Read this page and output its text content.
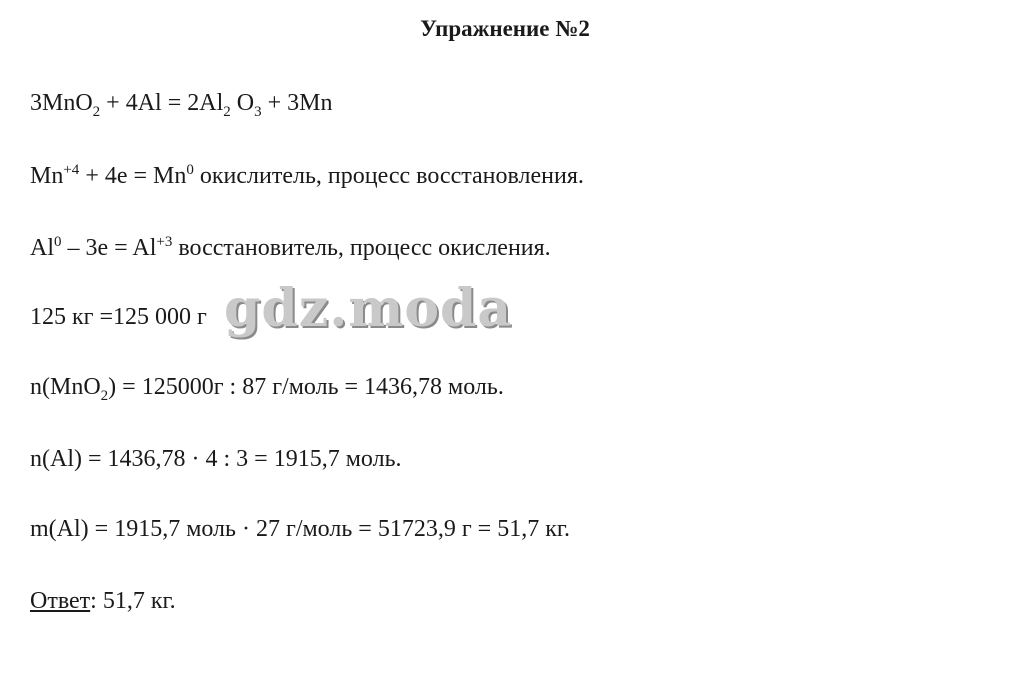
Упражнение №2
$3MnO_2 + 4Al = 2Al_2$ $O_3 + 3Mn$
$Mn^{+4} + 4e = Mn^0$ окислитель, процесс восстановления.
$Al^0 - 3e = Al^{+3}$ восстановитель, процесс окисления.
125 кг =125 000 г
n(MnO$_2$) = 125000г : 87 г/моль = 1436,78 моль.
n(Al) = 1436,78 · 4 : 3 = 1915,7 моль.
m(Al) = 1915,7 моль · 27 г/моль = 51723,9 г = 51,7 кг.
Ответ: 51,7 кг.
gdz.moda
